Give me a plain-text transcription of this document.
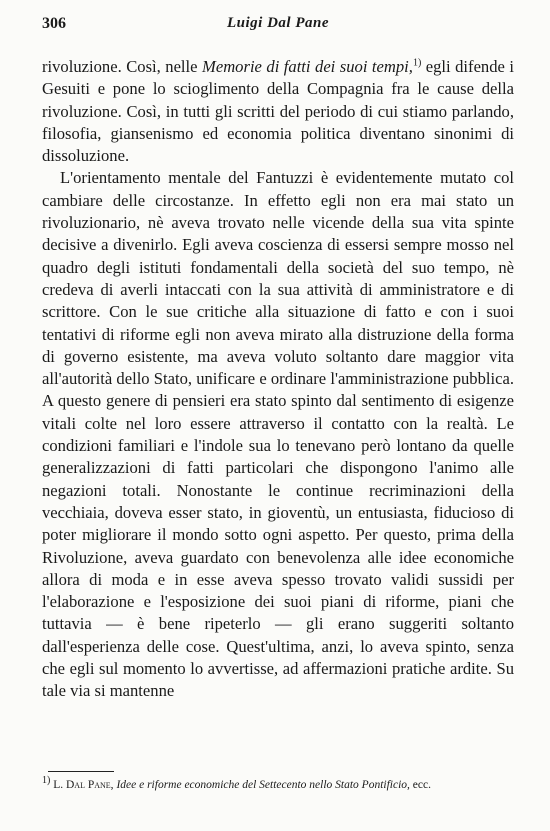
306	Luigi Dal Pane

rivoluzione. Così, nelle Memorie di fatti dei suoi tempi,$^{1)}$ egli difende i Gesuiti e pone lo scioglimento della Compagnia fra le cause della rivoluzione. Così, in tutti gli scritti del periodo di cui stiamo parlando, filosofia, giansenismo ed economia politica diventano sinonimi di dissoluzione.

L'orientamento mentale del Fantuzzi è evidentemente mutato col cambiare delle circostanze. In effetto egli non era mai stato un rivoluzionario, nè aveva trovato nelle vicende della sua vita spinte decisive a divenirlo. Egli aveva coscienza di essersi sempre mosso nel quadro degli istituti fondamentali della società del suo tempo, nè credeva di averli intaccati con la sua attività di amministratore e di scrittore. Con le sue critiche alla situazione di fatto e con i suoi tentativi di riforme egli non aveva mirato alla distruzione della forma di governo esistente, ma aveva voluto soltanto dare maggior vita all'autorità dello Stato, unificare e ordinare l'amministrazione pubblica. A questo genere di pensieri era stato spinto dal sentimento di esigenze vitali colte nel loro essere attraverso il contatto con la realtà. Le condizioni familiari e l'indole sua lo tenevano però lontano da quelle generalizzazioni di fatti particolari che dispongono l'animo alle negazioni totali. Nonostante le continue recriminazioni della vecchiaia, doveva esser stato, in gioventù, un entusiasta, fiducioso di poter migliorare il mondo sotto ogni aspetto. Per questo, prima della Rivoluzione, aveva guardato con benevolenza alle idee economiche allora di moda e in esse aveva spesso trovato validi sussidi per l'elaborazione e l'esposizione dei suoi piani di riforme, piani che tuttavia — è bene ripeterlo — gli erano suggeriti soltanto dall'esperienza delle cose. Quest'ultima, anzi, lo aveva spinto, senza che egli sul momento lo avvertisse, ad affermazioni pratiche ardite. Su tale via si mantenne

$^{1)}$ L. Dal Pane, Idee e riforme economiche del Settecento nello Stato Pontificio, ecc.
